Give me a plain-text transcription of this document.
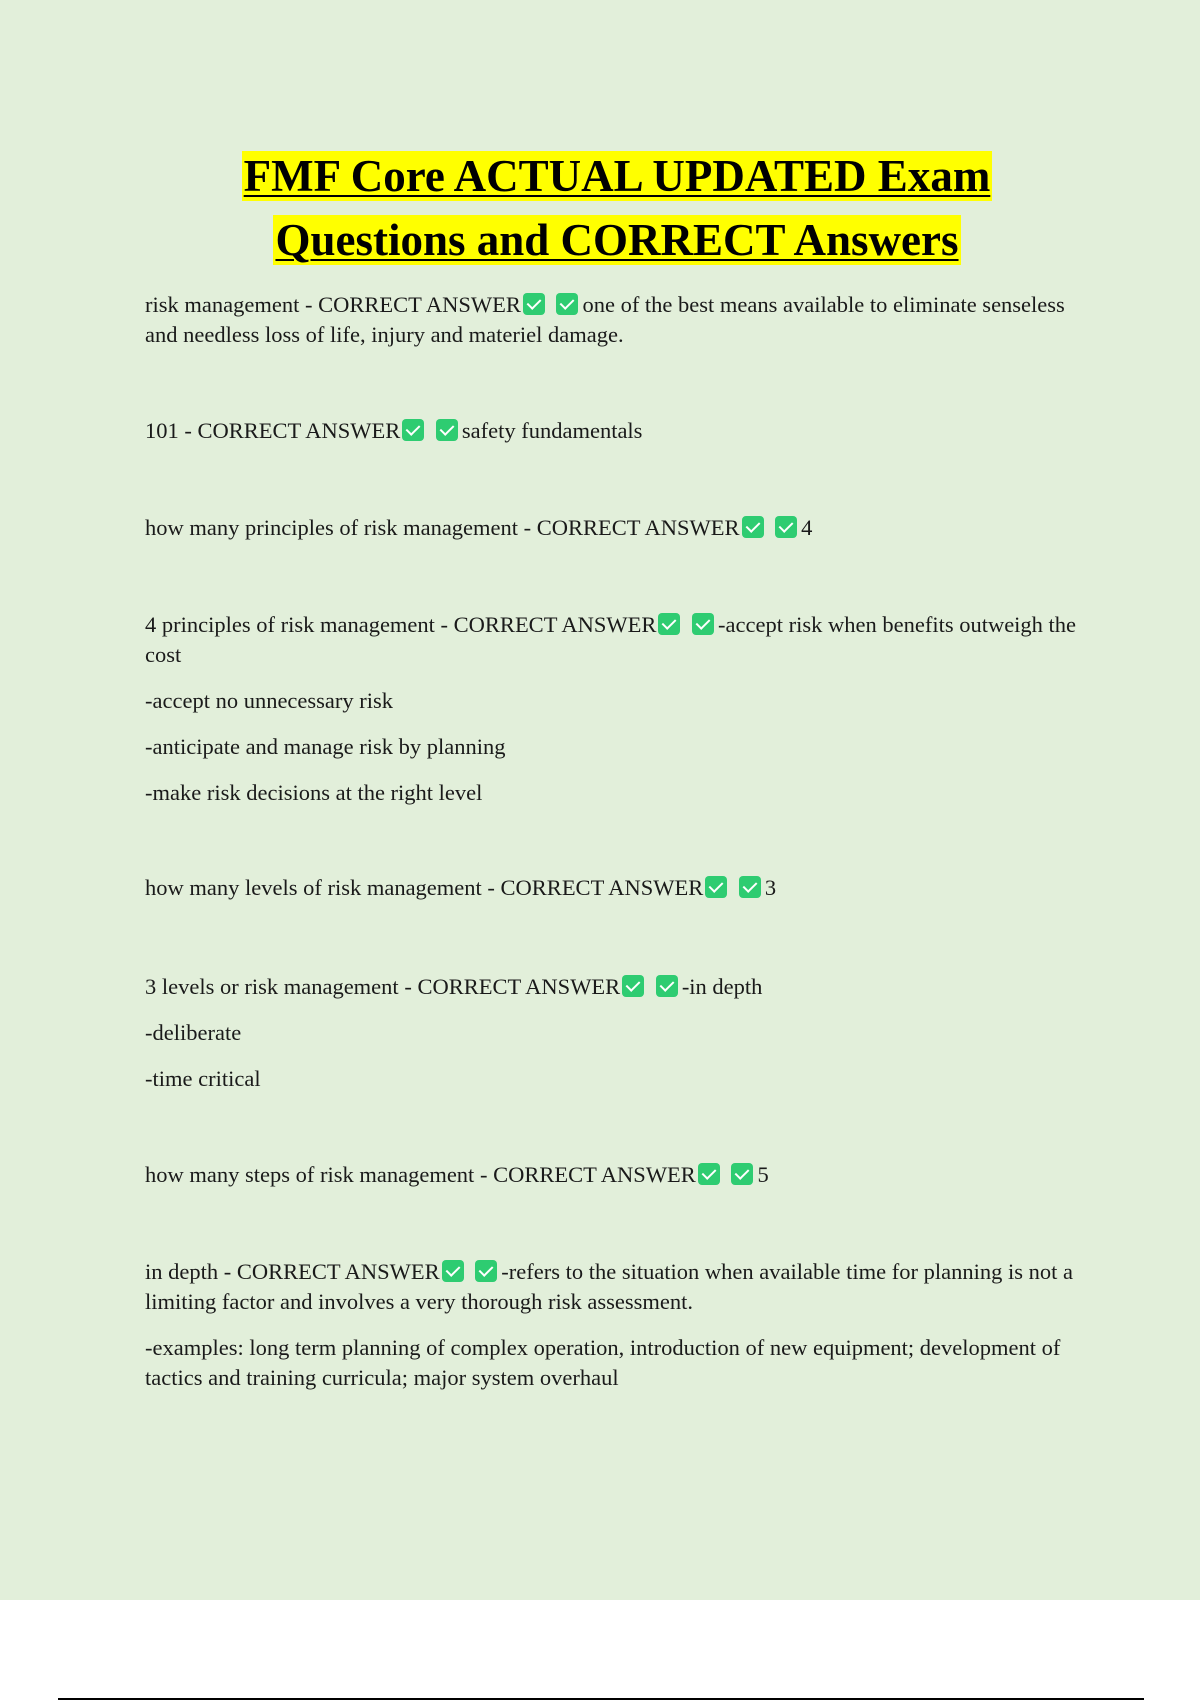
FMF Core ACTUAL UPDATED Exam
Questions and CORRECT Answers

risk management - CORRECT ANSWER	one of the best means available to eliminate senseless and needless loss of life, injury and materiel damage.

101 - CORRECT ANSWER	safety fundamentals

how many principles of risk management - CORRECT ANSWER	4

4 principles of risk management - CORRECT ANSWER	-accept risk when benefits outweigh the cost

-accept no unnecessary risk

-anticipate and manage risk by planning

-make risk decisions at the right level

how many levels of risk management - CORRECT ANSWER	3

3 levels or risk management - CORRECT ANSWER	-in depth

-deliberate

-time critical

how many steps of risk management - CORRECT ANSWER	5

in depth - CORRECT ANSWER	-refers to the situation when available time for planning is not a limiting factor and involves a very thorough risk assessment.

-examples: long term planning of complex operation, introduction of new equipment; development of tactics and training curricula; major system overhaul
